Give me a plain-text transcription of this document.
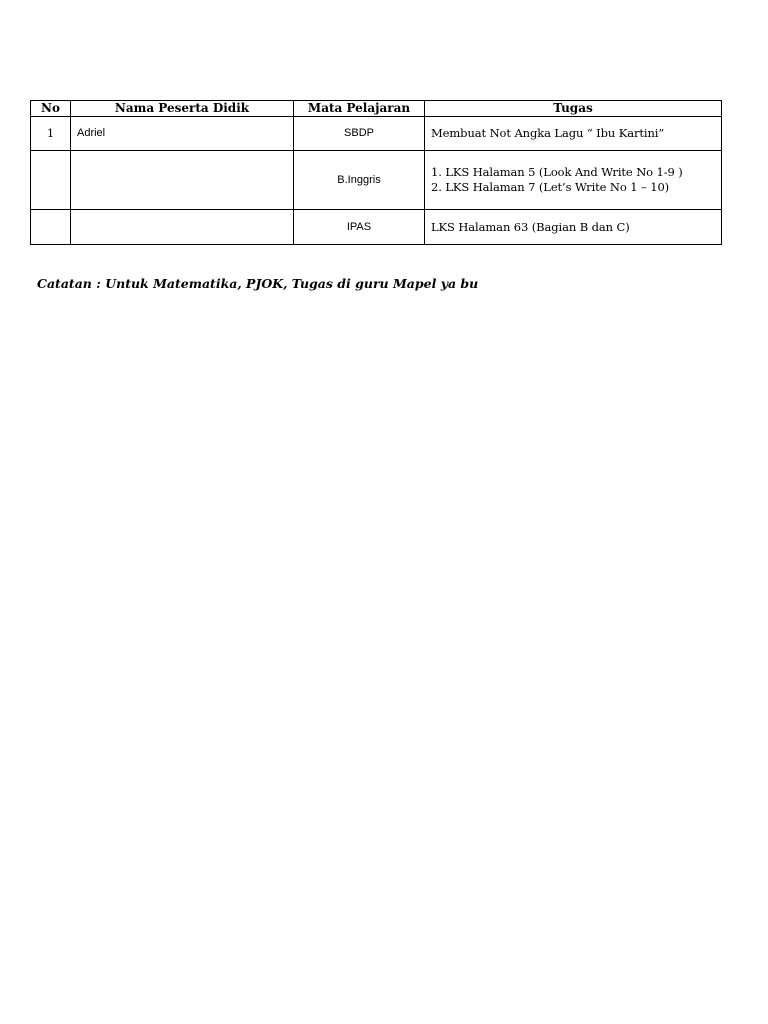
No	Nama Peserta Didik	Mata Pelajaran	Tugas
1	Adriel	SBDP	Membuat Not Angka Lagu “ Ibu Kartini”

		B.Inggris	1. LKS Halaman 5 (Look And Write No 1-9 )
2. LKS Halaman 7 (Let’s Write No 1 – 10)

		IPAS	LKS Halaman 63 (Bagian B dan C)
Catatan : Untuk Matematika, PJOK, Tugas di guru Mapel ya bu
